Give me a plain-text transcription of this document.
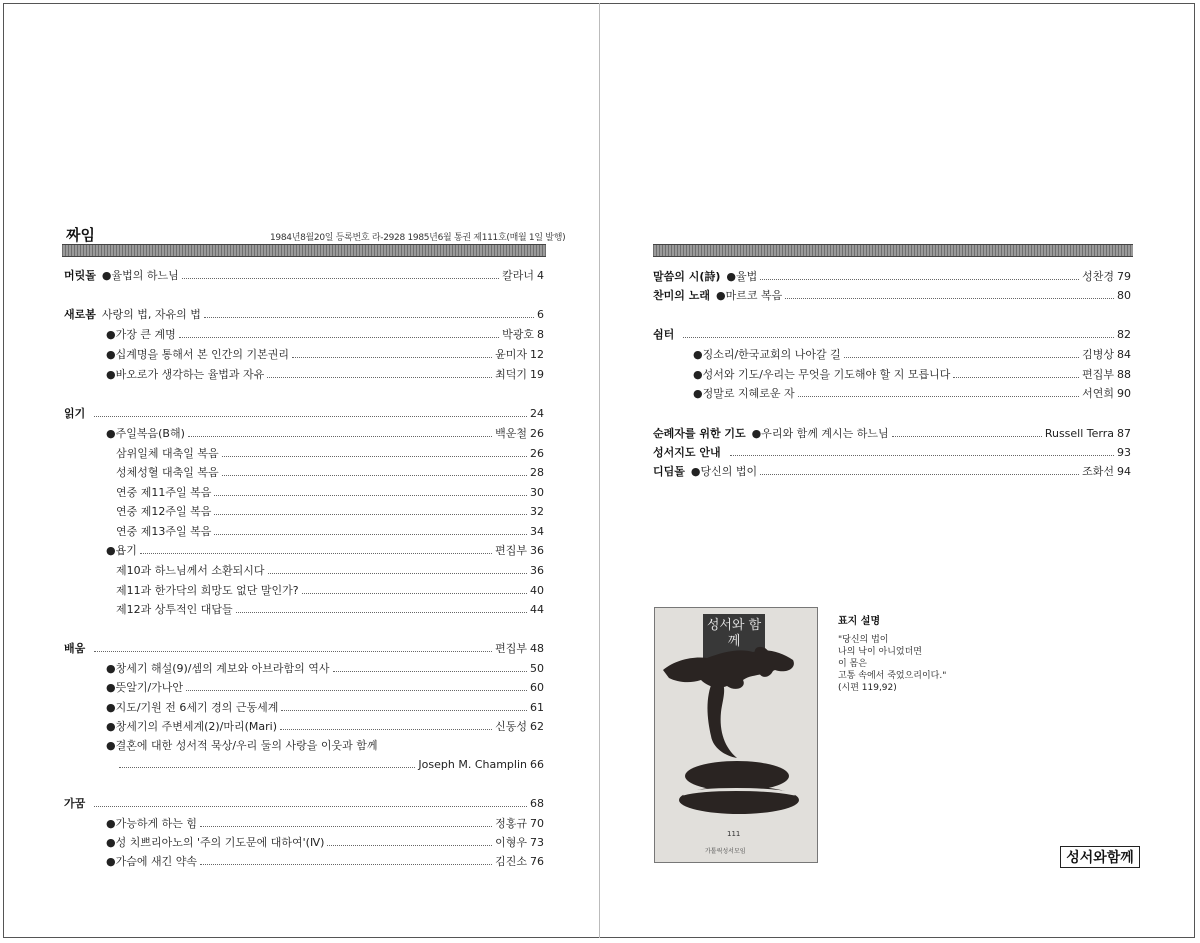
짜임	1984년8월20일 등록번호 라-2928 1985년6월 통권 제111호(매월 1일 발행)
머릿돌 ●율법의 하느님	칼라너 4
새로봄 사랑의 법, 자유의 법	6
●가장 큰 계명	박광호 8
●십계명을 통해서 본 인간의 기본권리	윤미자 12
●바오로가 생각하는 율법과 자유	최덕기 19
읽기	24
●주일복음(B해)	백운철 26
삼위일체 대축일 복음	26
성체성혈 대축일 복음	28
연중 제11주일 복음	30
연중 제12주일 복음	32
연중 제13주일 복음	34
●욥기	편집부 36
제10과 하느님께서 소환되시다	36
제11과 한가닥의 희망도 없단 말인가?	40
제12과 상투적인 대답들	44
배움	편집부 48
●창세기 해설(9)/셈의 계보와 아브라함의 역사	50
●뜻알기/가나안	60
●지도/기원 전 6세기 경의 근동세계	61
●창세기의 주변세계(2)/마리(Mari)	신동성 62
●결혼에 대한 성서적 묵상/우리 둘의 사랑을 이웃과 함께
Joseph M. Champlin 66
가꿈	68
●가능하게 하는 힘	정홍규 70
●성 치쁘리아노의 '주의 기도문에 대하여'(Ⅳ)	이형우 73
●가슴에 새긴 약속	김진소 76
말씀의 시(詩) ●율법	성찬경 79
찬미의 노래 ●마르코 복음	80
쉼터	82
●징소리/한국교회의 나아갈 길	김병상 84
●성서와 기도/우리는 무엇을 기도해야 할 지 모릅니다	편집부 88
●정말로 지혜로운 자	서연희 90
순례자를 위한 기도 ●우리와 함께 계시는 하느님	Russell Terra 87
성서지도 안내	93
디딤돌 ●당신의 법이	조화선 94
성서와 함께
111
가톨릭성서모임
표지 설명
"당신의 법이
나의 낙이 아니었더면
이 몸은
고통 속에서 죽었으리이다."
(시편 119,92)
성서와함께
